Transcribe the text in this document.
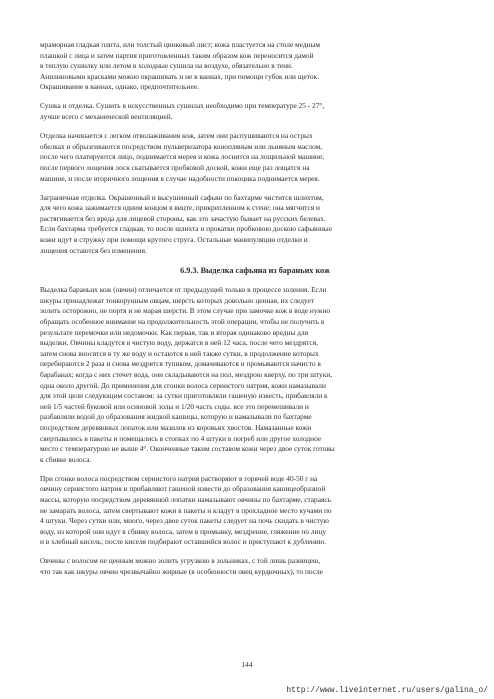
мраморная гладкая плита, или толстый цинковый лист; кожа пластуется на столе медным
плашкой с лица и затем партия приготовленных таким образом кож переносится дамой
в теплую сушилку или летом в холодные сушила на воздухе, обязательно в тени.
Анилиновыми красками можно окрашивать и не в ваннах, при помощи губок или щеток.
Окрашивание в ваннах, однако, предпочтительнее.
Сушка и отделка. Сушить в искусственных сушилах необходимо при температуре 25 - 27°,
лучше всего с механической вентиляцией.
Отделка начинается с легком отволаживания кож, затем они распушиваются на острых
обелках и обрызгиваются посредством пульверизатора конопляным или льняным маслом,
после чего платируются лицо, поднимается мерея и кожа лоснится на лощильной машине;
после первого лощения лоск скатывается пробковой доской, кожи еще раз лощатся на
машине, и после вторичного лощения в случае надобности покоцика поднимается мерея.
Заграничная отделка. Окрашенный и высушенный сафьян по бахтарме чистится шлихтом,
для чего кожа зажимается одним концом в вицте, прикрепленном к стене; она мягчится и
растягивается без вреда для лицевой стороны, как это зачастую бывает на русских белевах.
Если бахтарма требуется гладкая, то после шлихта и прокатки пробковою доскою сафьянные
кожи идут в стружку при помощи крутого струга. Остальные манипуляции отделки и
лощения остаются без изменения.
6.9.3. Выделка сафьяна из бараньих кож
Выделка бараньих кож (овчин) отличается от предыдущей только в процессе золения. Если
шкуры принадлежат тонкорунным овцам, шерсть которых довольно ценная, их следует
золить осторожно, не портя и не марая шерсти. В этом случае при замочке кож в воде нужно
обращать особенное внимание на продолжительность этой операции, чтобы не получить в
результате перемочки или недомочки. Как первая, так и вторая одинаково вредны для
выделки. Овчины кладутся в чистую воду, держатся в ней 12 часа, после чего мездрятся,
затем снова вносятся в ту же воду и остаются в ней также сутки, в продолжение которых
перебираются 2 раза и снова мездрятся тупиком, домачиваются и промываются начисто в
барабанах; когда с них стечет вода, они складываются на пол, мездрою кверху, по три штуки,
одна около другой. До применения для сгонки волоса сернистого натрия, кожи намазывали
для этой цели следующим составом: за сутки приготовляли гашеную известь, прибавляли к
ней 1/5 частей буковой или осиновой золы и 1/20 часть соды. все это перемешивали и
разбавляли водой до образования жидкой кашицы, которую и намазывали по бахтарме
посредством деревянных лопаток или мазилок из коровьих хвостов. Намазанные кожи
свертывались в пакеты и помещались в стопках по 4 штуки в погреб или другое холодное
место с температурою не выше 4°. Оконченные таким составом кожи через двое суток готовы
к сбивке волоса.
При сгонке волоса посредством сернистого натрия растворяют в горячей воде 40-50 г на
овчину сернистого натрия и прибавляют гашеной извести до образования кашицеобразной
массы, которую посредством деревянной лопатки намазывают овчины по бахтарме, стараясь
не замарать волоса, затем свертывают кожи в пакеты и кладут в прохладное место кучами по
4 штуки. Через сутки или, много, через двое суток пакеты следует на почь скидать в чистую
воду, из которой они идут в сбивку волоса, затем в промывку, мездрение, гляжение по лицу
и в хлебный кисель; после киселя подбирают оставшийся волос и приступают к дублению.
Овчины с волосом не ценным можно золить угрузкою в зольниках, с той лишь разницею,
что так как шкуры овчин чрезвычайно жирные (в особенности овец курдючных), то после
144
http://www.liveinternet.ru/users/galina_o/
